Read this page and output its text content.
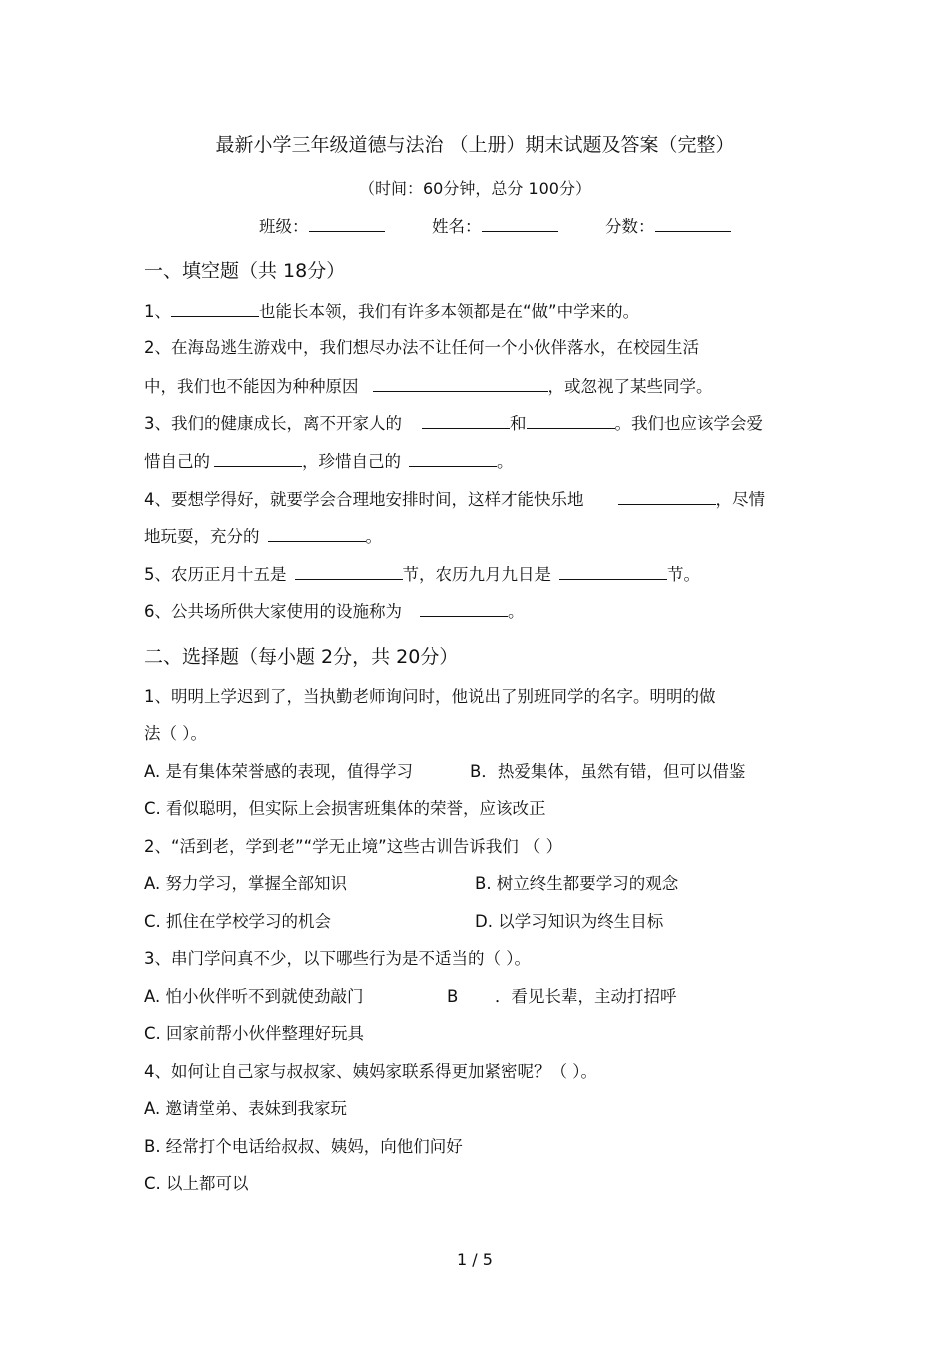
最新小学三年级道德与法治 （上册）期末试题及答案（完整）
（时间：60分钟，总分 100分）
班级：	姓名：	分数：
一、填空题（共 18分）
1、	也能长本领，我们有许多本领都是在“做”中学来的。
2、在海岛逃生游戏中，我们想尽办法不让任何一个小伙伴落水，在校园生活
中，我们也不能因为种种原因	，或忽视了某些同学。
3、我们的健康成长，离不开家人的	和	。我们也应该学会爱
惜自己的	，珍惜自己的	。
4、要想学得好，就要学会合理地安排时间，这样才能快乐地	，尽情
地玩耍，充分的	。
5、农历正月十五是	节，农历九月九日是	节。
6、公共场所供大家使用的设施称为	。
二、选择题（每小题 2分，共 20分）
1、明明上学迟到了，当执勤老师询问时，他说出了别班同学的名字。明明的做
法（ ）。
A. 是有集体荣誉感的表现，值得学习	B．热爱集体，虽然有错，但可以借鉴
C. 看似聪明，但实际上会损害班集体的荣誉，应该改正
2、“活到老，学到老”“学无止境”这些古训告诉我们 （ ）
A. 努力学习，掌握全部知识	B. 树立终生都要学习的观念
C. 抓住在学校学习的机会	D. 以学习知识为终生目标
3、串门学问真不少，以下哪些行为是不适当的（ ）。
A. 怕小伙伴听不到就使劲敲门	B ．看见长辈，主动打招呼
C. 回家前帮小伙伴整理好玩具
4、如何让自己家与叔叔家、姨妈家联系得更加紧密呢？（ ）。
A. 邀请堂弟、表妹到我家玩
B. 经常打个电话给叔叔、姨妈，向他们问好
C. 以上都可以
1 / 5
